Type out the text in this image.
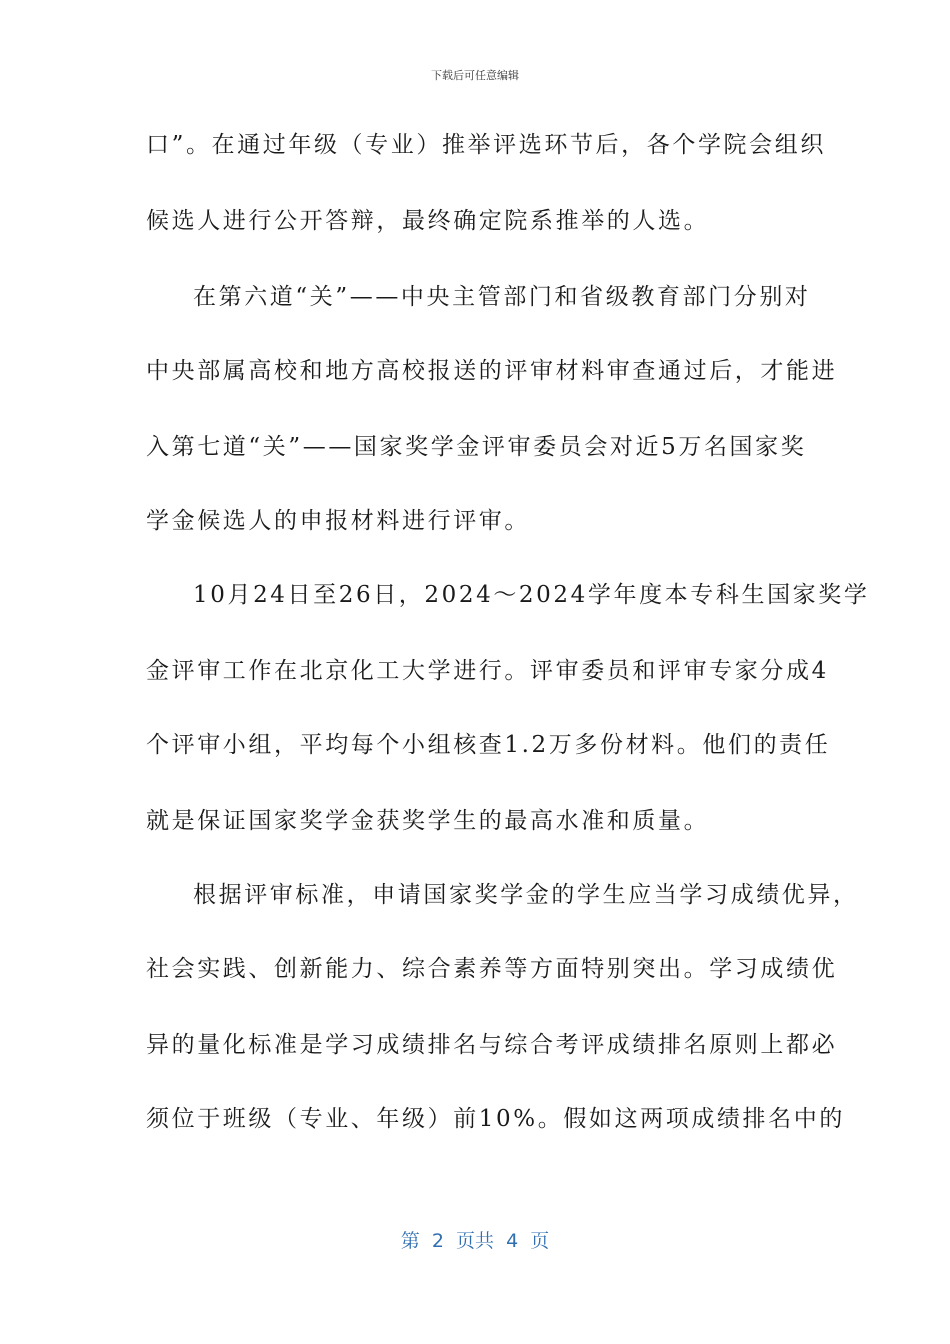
下载后可任意编辑
口”。在通过年级（专业）推举评选环节后，各个学院会组织
候选人进行公开答辩，最终确定院系推举的人选。
在第六道“关”——中央主管部门和省级教育部门分别对
中央部属高校和地方高校报送的评审材料审查通过后，才能进
入第七道“关”——国家奖学金评审委员会对近5万名国家奖
学金候选人的申报材料进行评审。
10月24日至26日，2024～2024学年度本专科生国家奖学
金评审工作在北京化工大学进行。评审委员和评审专家分成4
个评审小组，平均每个小组核查1.2万多份材料。他们的责任
就是保证国家奖学金获奖学生的最高水准和质量。
根据评审标准，申请国家奖学金的学生应当学习成绩优异，
社会实践、创新能力、综合素养等方面特别突出。学习成绩优
异的量化标准是学习成绩排名与综合考评成绩排名原则上都必
须位于班级（专业、年级）前10%。假如这两项成绩排名中的
第  2  页共  4  页
